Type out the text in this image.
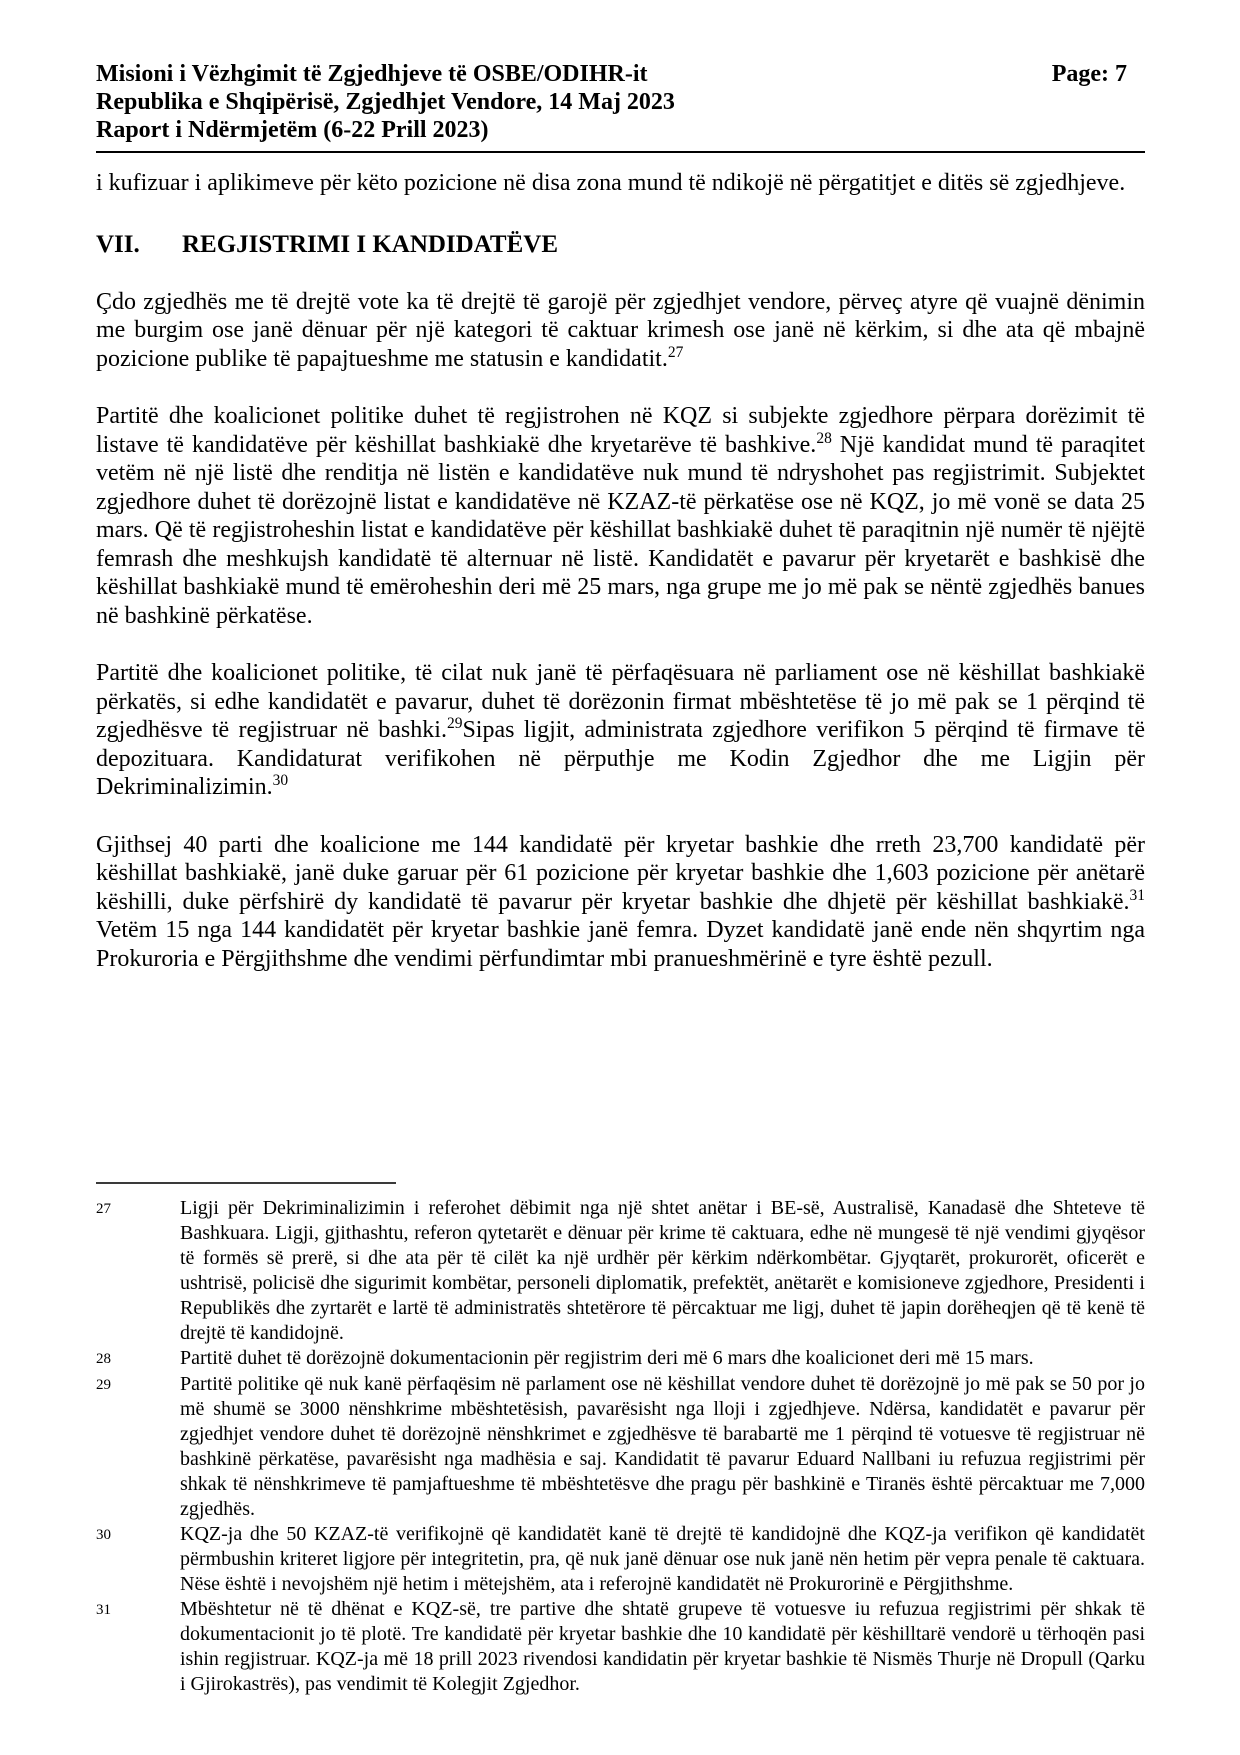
Misioni i Vëzhgimit të Zgjedhjeve të OSBE/ODIHR-it
Republika e Shqipërisë, Zgjedhjet Vendore, 14 Maj 2023
Raport i Ndërmjetëm (6-22 Prill 2023)
Page: 7
i kufizuar i aplikimeve për këto pozicione në disa zona mund të ndikojë në përgatitjet e ditës së zgjedhjeve.
VII.	REGJISTRIMI I KANDIDATËVE

Çdo zgjedhës me të drejtë vote ka të drejtë të garojë për zgjedhjet vendore, përveç atyre që vuajnë dënimin me burgim ose janë dënuar për një kategori të caktuar krimesh ose janë në kërkim, si dhe ata që mbajnë pozicione publike të papajtueshme me statusin e kandidatit.$^{27}$

Partitë dhe koalicionet politike duhet të regjistrohen në KQZ si subjekte zgjedhore përpara dorëzimit të listave të kandidatëve për këshillat bashkiakë dhe kryetarëve të bashkive.$^{28}$ Një kandidat mund të paraqitet vetëm në një listë dhe renditja në listën e kandidatëve nuk mund të ndryshohet pas regjistrimit. Subjektet zgjedhore duhet të dorëzojnë listat e kandidatëve në KZAZ-të përkatëse ose në KQZ, jo më vonë se data 25 mars. Që të regjistroheshin listat e kandidatëve për këshillat bashkiakë duhet të paraqitnin një numër të njëjtë femrash dhe meshkujsh kandidatë të alternuar në listë. Kandidatët e pavarur për kryetarët e bashkisë dhe këshillat bashkiakë mund të emëroheshin deri më 25 mars, nga grupe me jo më pak se nëntë zgjedhës banues në bashkinë përkatëse.

Partitë dhe koalicionet politike, të cilat nuk janë të përfaqësuara në parliament ose në këshillat bashkiakë përkatës, si edhe kandidatët e pavarur, duhet të dorëzonin firmat mbështetëse të jo më pak se 1 përqind të zgjedhësve të regjistruar në bashki.$^{29}$Sipas ligjit, administrata zgjedhore verifikon 5 përqind të firmave të depozituara. Kandidaturat verifikohen në përputhje me Kodin Zgjedhor dhe me Ligjin për Dekriminalizimin.$^{30}$

Gjithsej 40 parti dhe koalicione me 144 kandidatë për kryetar bashkie dhe rreth 23,700 kandidatë për këshillat bashkiakë, janë duke garuar për 61 pozicione për kryetar bashkie dhe 1,603 pozicione për anëtarë këshilli, duke përfshirë dy kandidatë të pavarur për kryetar bashkie dhe dhjetë për këshillat bashkiakë.$^{31}$ Vetëm 15 nga 144 kandidatët për kryetar bashkie janë femra. Dyzet kandidatë janë ende nën shqyrtim nga Prokuroria e Përgjithshme dhe vendimi përfundimtar mbi pranueshmërinë e tyre është pezull.

27	Ligji për Dekriminalizimin i referohet dëbimit nga një shtet anëtar i BE-së, Australisë, Kanadasë dhe Shteteve të Bashkuara. Ligji, gjithashtu, referon qytetarët e dënuar për krime të caktuara, edhe në mungesë të një vendimi gjyqësor të formës së prerë, si dhe ata për të cilët ka një urdhër për kërkim ndërkombëtar. Gjyqtarët, prokurorët, oficerët e ushtrisë, policisë dhe sigurimit kombëtar, personeli diplomatik, prefektët, anëtarët e komisioneve zgjedhore, Presidenti i Republikës dhe zyrtarët e lartë të administratës shtetërore të përcaktuar me ligj, duhet të japin dorëheqjen që të kenë të drejtë të kandidojnë.
28	Partitë duhet të dorëzojnë dokumentacionin për regjistrim deri më 6 mars dhe koalicionet deri më 15 mars.
29	Partitë politike që nuk kanë përfaqësim në parlament ose në këshillat vendore duhet të dorëzojnë jo më pak se 50 por jo më shumë se 3000 nënshkrime mbështetësish, pavarësisht nga lloji i zgjedhjeve. Ndërsa, kandidatët e pavarur për zgjedhjet vendore duhet të dorëzojnë nënshkrimet e zgjedhësve të barabartë me 1 përqind të votuesve të regjistruar në bashkinë përkatëse, pavarësisht nga madhësia e saj. Kandidatit të pavarur Eduard Nallbani iu refuzua regjistrimi për shkak të nënshkrimeve të pamjaftueshme të mbështetësve dhe pragu për bashkinë e Tiranës është përcaktuar me 7,000 zgjedhës.
30	KQZ-ja dhe 50 KZAZ-të verifikojnë që kandidatët kanë të drejtë të kandidojnë dhe KQZ-ja verifikon që kandidatët përmbushin kriteret ligjore për integritetin, pra, që nuk janë dënuar ose nuk janë nën hetim për vepra penale të caktuara. Nëse është i nevojshëm një hetim i mëtejshëm, ata i referojnë kandidatët në Prokurorinë e Përgjithshme.
31	Mbështetur në të dhënat e KQZ-së, tre partive dhe shtatë grupeve të votuesve iu refuzua regjistrimi për shkak të dokumentacionit jo të plotë. Tre kandidatë për kryetar bashkie dhe 10 kandidatë për këshilltarë vendorë u tërhoqën pasi ishin regjistruar. KQZ-ja më 18 prill 2023 rivendosi kandidatin për kryetar bashkie të Nismës Thurje në Dropull (Qarku i Gjirokastrës), pas vendimit të Kolegjit Zgjedhor.
